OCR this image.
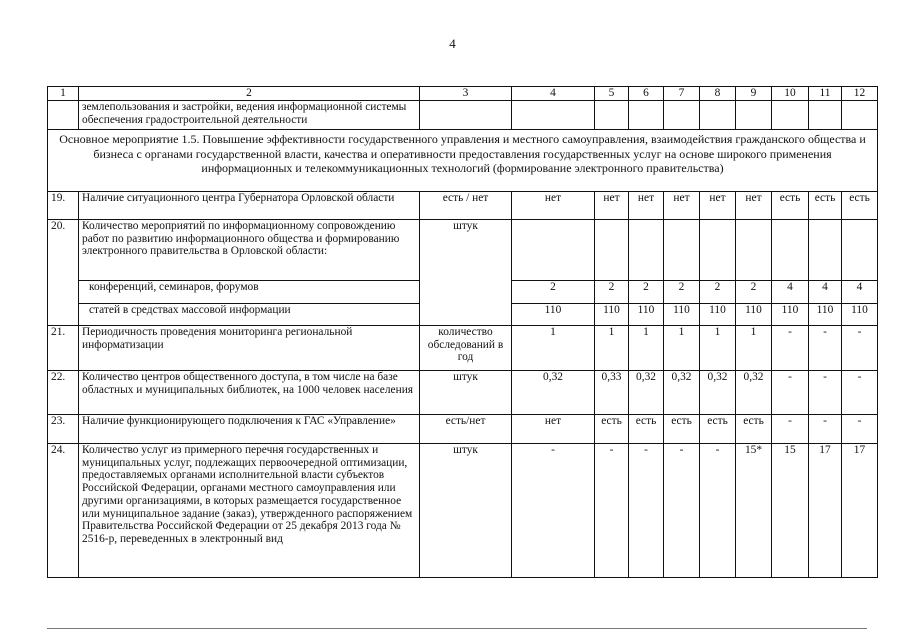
4
1	2	3	4	5	6	7	8	9	10	11	12
	землепользования и застройки, ведения информационной системы обеспечения градостроительной деятельности										
Основное мероприятие 1.5. Повышение эффективности государственного управления и местного самоуправления, взаимодействия гражданского общества и бизнеса с органами государственной власти, качества и оперативности предоставления государственных услуг на основе широкого применения информационных и телекоммуникационных технологий (формирование электронного правительства)											
19.	Наличие ситуационного центра Губернатора Орловской области	есть / нет	нет	нет	нет	нет	нет	нет	есть	есть	есть
20.	Количество мероприятий по информационному сопровождению работ по развитию информационного общества и формированию электронного правительства в Орловской области:	штук									
	конференций, семинаров, форумов		2	2	2	2	2	2	4	4	4
	статей в средствах массовой информации		110	110	110	110	110	110	110	110	110
21.	Периодичность проведения мониторинга региональной информатизации	количество обследований в год	1	1	1	1	1	1	-	-	-
22.	Количество центров общественного доступа, в том числе на базе областных и муниципальных библиотек, на 1000 человек населения	штук	0,32	0,33	0,32	0,32	0,32	0,32	-	-	-
23.	Наличие функционирующего подключения к ГАС «Управление»	есть/нет	нет	есть	есть	есть	есть	есть	-	-	-
24.	Количество услуг из примерного перечня государственных и муниципальных услуг, подлежащих первоочередной оптимизации, предоставляемых органами исполнительной власти субъектов Российской Федерации, органами местного самоуправления или другими организациями, в которых размещается государственное или муниципальное задание (заказ), утвержденного распоряжением Правительства Российской Федерации от 25 декабря 2013 года № 2516-р, переведенных в электронный вид	штук	-	-	-	-	-	15*	15	17	17
